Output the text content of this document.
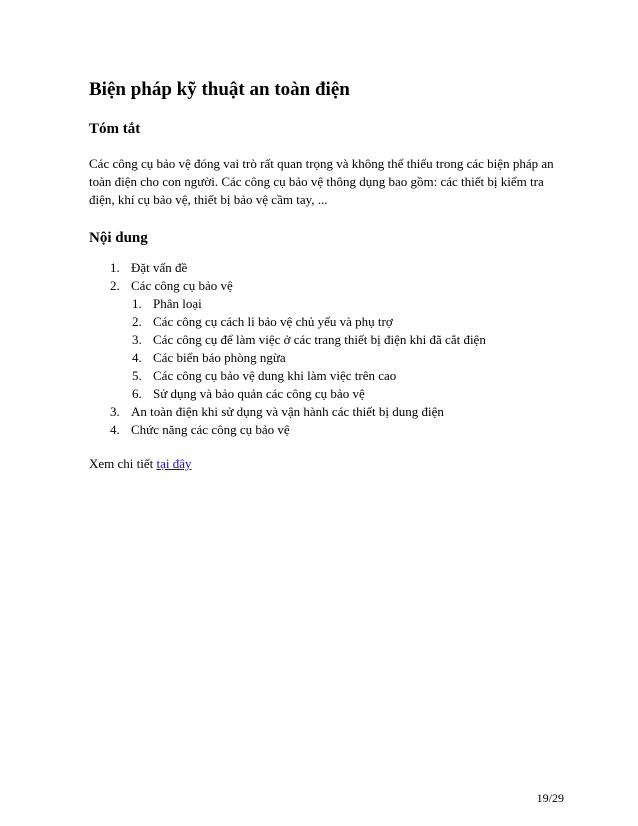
Biện pháp kỹ thuật an toàn điện
Tóm tắt

Các công cụ bảo vệ đóng vai trò rất quan trọng và không thể thiếu trong các biện pháp an toàn điện cho con người. Các công cụ bảo vệ thông dụng bao gồm: các thiết bị kiểm tra điện, khí cụ bảo vệ, thiết bị bảo vệ cầm tay, ...

Nội dung
1. Đặt vấn đề
2. Các công cụ bảo vệ
1. Phân loại
2. Các công cụ cách li bảo vệ chủ yếu và phụ trợ
3. Các công cụ để làm việc ở các trang thiết bị điện khi đã cắt điện
4. Các biển báo phòng ngừa
5. Các công cụ bảo vệ dung khi làm việc trên cao
6. Sử dụng và bảo quản các công cụ bảo vệ
3. An toàn điện khi sử dụng và vận hành các thiết bị dung điện
4. Chức năng các công cụ bảo vệ

Xem chi tiết tại đây

19/29
